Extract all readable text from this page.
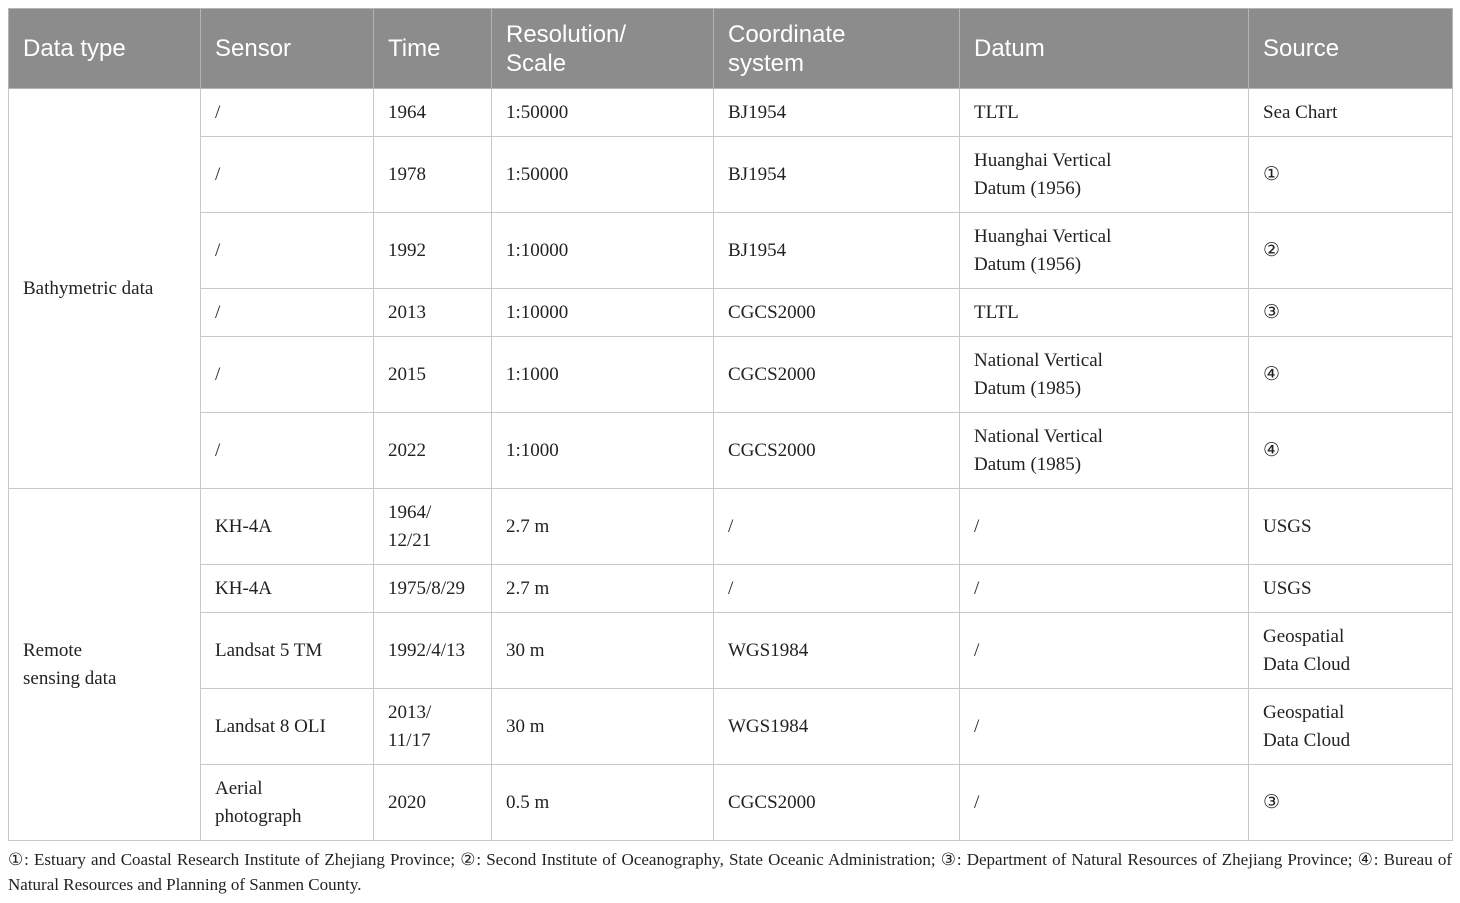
Data type	Sensor	Time	Resolution/ Scale	Coordinate system	Datum	Source
Bathymetric data	/	1964	1:50000	BJ1954	TLTL	Sea Chart
	/	1978	1:50000	BJ1954	Huanghai Vertical Datum (1956)	①
	/	1992	1:10000	BJ1954	Huanghai Vertical Datum (1956)	②
	/	2013	1:10000	CGCS2000	TLTL	③
	/	2015	1:1000	CGCS2000	National Vertical Datum (1985)	④
	/	2022	1:1000	CGCS2000	National Vertical Datum (1985)	④
Remote sensing data	KH-4A	1964/12/21	2.7 m	/	/	USGS
	KH-4A	1975/8/29	2.7 m	/	/	USGS
	Landsat 5 TM	1992/4/13	30 m	WGS1984	/	Geospatial Data Cloud
	Landsat 8 OLI	2013/11/17	30 m	WGS1984	/	Geospatial Data Cloud
	Aerial photograph	2020	0.5 m	CGCS2000	/	③
①: Estuary and Coastal Research Institute of Zhejiang Province; ②: Second Institute of Oceanography, State Oceanic Administration; ③: Department of Natural Resources of Zhejiang Province; ④: Bureau of Natural Resources and Planning of Sanmen County.
